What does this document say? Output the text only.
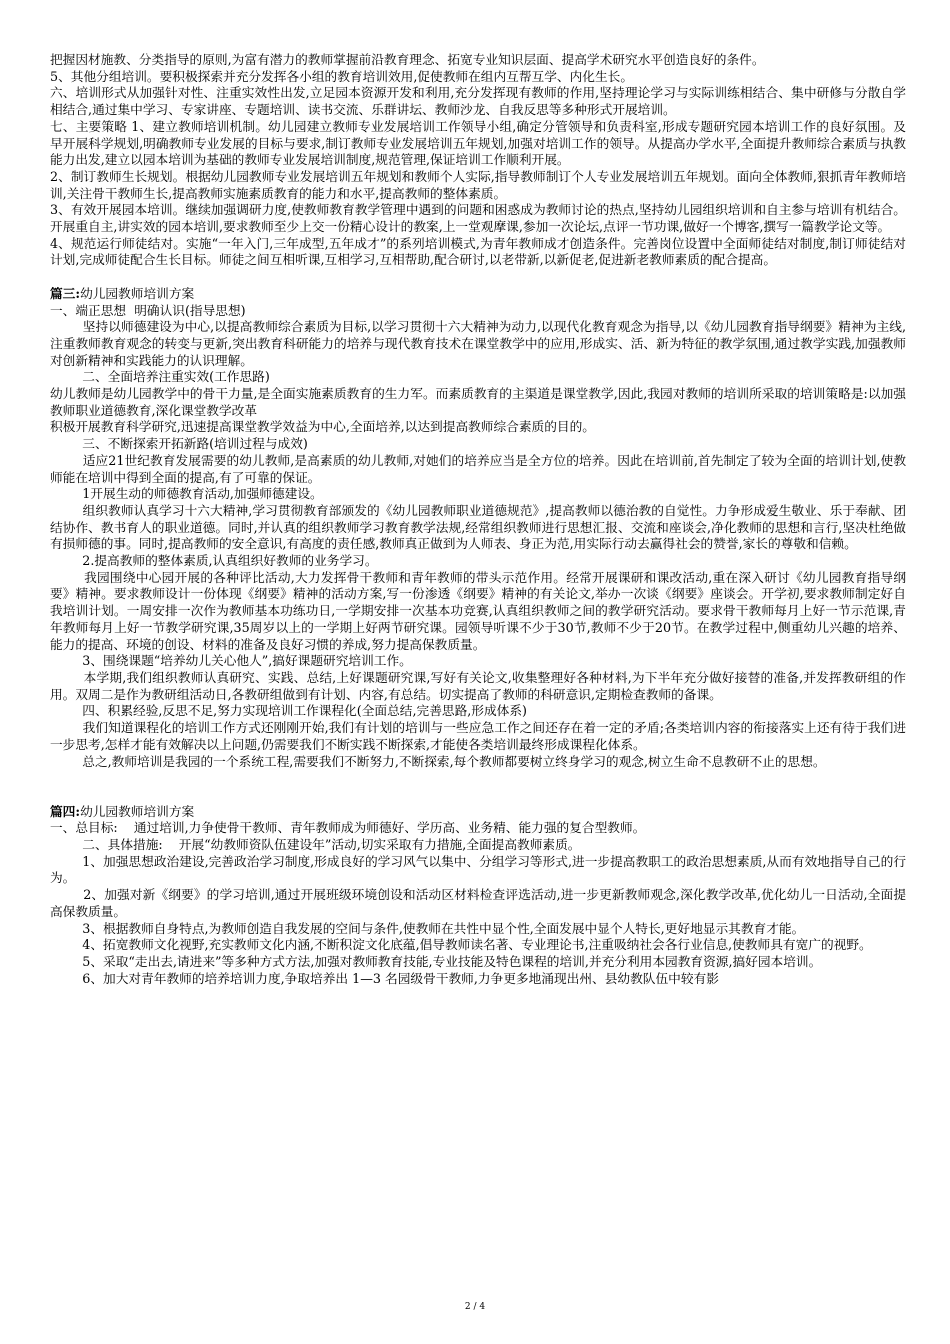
把握因材施教、分类指导的原则,为富有潜力的教师掌握前沿教育理念、拓宽专业知识层面、提高学术研究水平创造良好的条件。

5、其他分组培训。要积极探索并充分发挥各小组的教育培训效用,促使教师在组内互帮互学、内化生长。

六、培训形式从加强针对性、注重实效性出发,立足园本资源开发和利用,充分发挥现有教师的作用,坚持理论学习与实际训练相结合、集中研修与分散自学相结合,通过集中学习、专家讲座、专题培训、读书交流、乐群讲坛、教师沙龙、自我反思等多种形式开展培训。

七、主要策略 1、建立教师培训机制。幼儿园建立教师专业发展培训工作领导小组,确定分管领导和负责科室,形成专题研究园本培训工作的良好氛围。及早开展科学规划,明确教师专业发展的目标与要求,制订教师专业发展培训五年规划,加强对培训工作的领导。从提高办学水平,全面提升教师综合素质与执教能力出发,建立以园本培训为基础的教师专业发展培训制度,规范管理,保证培训工作顺利开展。

2、制订教师生长规划。根据幼儿园教师专业发展培训五年规划和教师个人实际,指导教师制订个人专业发展培训五年规划。面向全体教师,狠抓青年教师培训,关注骨干教师生长,提高教师实施素质教育的能力和水平,提高教师的整体素质。

3、有效开展园本培训。继续加强调研力度,使教师教育教学管理中遇到的问题和困惑成为教师讨论的热点,坚持幼儿园组织培训和自主参与培训有机结合。开展重自主,讲实效的园本培训,要求教师至少上交一份精心设计的教案,上一堂观摩课,参加一次论坛,点评一节功课,做好一个博客,撰写一篇教学论文等。

4、规范运行师徒结对。实施“一年入门,三年成型,五年成才”的系列培训模式,为青年教师成才创造条件。完善岗位设置中全面师徒结对制度,制订师徒结对计划,完成师徒配合生长目标。师徒之间互相听课,互相学习,互相帮助,配合研讨,以老带新,以新促老,促进新老教师素质的配合提高。

篇三:幼儿园教师培训方案

一、端正思想  明确认识(指导思想)

坚持以师德建设为中心,以提高教师综合素质为目标,以学习贯彻十六大精神为动力,以现代化教育观念为指导,以《幼儿园教育指导纲要》精神为主线,注重教师教育观念的转变与更新,突出教育科研能力的培养与现代教育技术在课堂教学中的应用,形成实、活、新为特征的教学氛围,通过教学实践,加强教师对创新精神和实践能力的认识理解。

二、全面培养注重实效(工作思路)

幼儿教师是幼儿园教学中的骨干力量,是全面实施素质教育的生力军。而素质教育的主渠道是课堂教学,因此,我园对教师的培训所采取的培训策略是:以加强教师职业道德教育,深化课堂教学改革

积极开展教育科学研究,迅速提高课堂教学效益为中心,全面培养,以达到提高教师综合素质的目的。

三、不断探索开拓新路(培训过程与成效)

适应21世纪教育发展需要的幼儿教师,是高素质的幼儿教师,对她们的培养应当是全方位的培养。因此在培训前,首先制定了较为全面的培训计划,使教师能在培训中得到全面的提高,有了可靠的保证。

1开展生动的师德教育活动,加强师德建设。

组织教师认真学习十六大精神,学习贯彻教育部颁发的《幼儿园教师职业道德规范》,提高教师以德治教的自觉性。力争形成爱生敬业、乐于奉献、团结协作、教书育人的职业道德。同时,并认真的组织教师学习教育教学法规,经常组织教师进行思想汇报、交流和座谈会,净化教师的思想和言行,坚决杜绝做有损师德的事。同时,提高教师的安全意识,有高度的责任感,教师真正做到为人师表、身正为范,用实际行动去赢得社会的赞誉,家长的尊敬和信赖。

2.提高教师的整体素质,认真组织好教师的业务学习。

我园围绕中心园开展的各种评比活动,大力发挥骨干教师和青年教师的带头示范作用。经常开展课研和课改活动,重在深入研讨《幼儿园教育指导纲要》精神。要求教师设计一份体现《纲要》精神的活动方案,写一份渗透《纲要》精神的有关论文,举办一次谈《纲要》座谈会。开学初,要求教师制定好自我培训计划。一周安排一次作为教师基本功练功日,一学期安排一次基本功竞赛,认真组织教师之间的教学研究活动。要求骨干教师每月上好一节示范课,青年教师每月上好一节教学研究课,35周岁以上的一学期上好两节研究课。园领导听课不少于30节,教师不少于20节。在教学过程中,侧重幼儿兴趣的培养、能力的提高、环境的创设、材料的准备及良好习惯的养成,努力提高保教质量。

3、围绕课题“培养幼儿关心他人”,搞好课题研究培训工作。

本学期,我们组织教师认真研究、实践、总结,上好课题研究课,写好有关论文,收集整理好各种材料,为下半年充分做好接替的准备,并发挥教研组的作用。双周二是作为教研组活动日,各教研组做到有计划、内容,有总结。切实提高了教师的科研意识,定期检查教师的备课。

四、积累经验,反思不足,努力实现培训工作课程化(全面总结,完善思路,形成体系)

我们知道课程化的培训工作方式还刚刚开始,我们有计划的培训与一些应急工作之间还存在着一定的矛盾;各类培训内容的衔接落实上还有待于我们进一步思考,怎样才能有效解决以上问题,仍需要我们不断实践不断探索,才能使各类培训最终形成课程化体系。

总之,教师培训是我园的一个系统工程,需要我们不断努力,不断探索,每个教师都要树立终身学习的观念,树立生命不息教研不止的思想。

篇四:幼儿园教师培训方案

一、总目标:    通过培训,力争使骨干教师、青年教师成为师德好、学历高、业务精、能力强的复合型教师。

二、具体措施:    开展“幼教师资队伍建设年”活动,切实采取有力措施,全面提高教师素质。

1、加强思想政治建设,完善政治学习制度,形成良好的学习风气以集中、分组学习等形式,进一步提高教职工的政治思想素质,从而有效地指导自己的行为。

2、加强对新《纲要》的学习培训,通过开展班级环境创设和活动区材料检查评选活动,进一步更新教师观念,深化教学改革,优化幼儿一日活动,全面提高保教质量。

3、根据教师自身特点,为教师创造自我发展的空间与条件,使教师在共性中显个性,全面发展中显个人特长,更好地显示其教育才能。

4、拓宽教师文化视野,充实教师文化内涵,不断积淀文化底蕴,倡导教师读名著、专业理论书,注重吸纳社会各行业信息,使教师具有宽广的视野。

5、采取“走出去,请进来”等多种方式方法,加强对教师教育技能,专业技能及特色课程的培训,并充分利用本园教育资源,搞好园本培训。

6、加大对青年教师的培养培训力度,争取培养出 1—3 名园级骨干教师,力争更多地涌现出州、县幼教队伍中较有影

2 / 4
